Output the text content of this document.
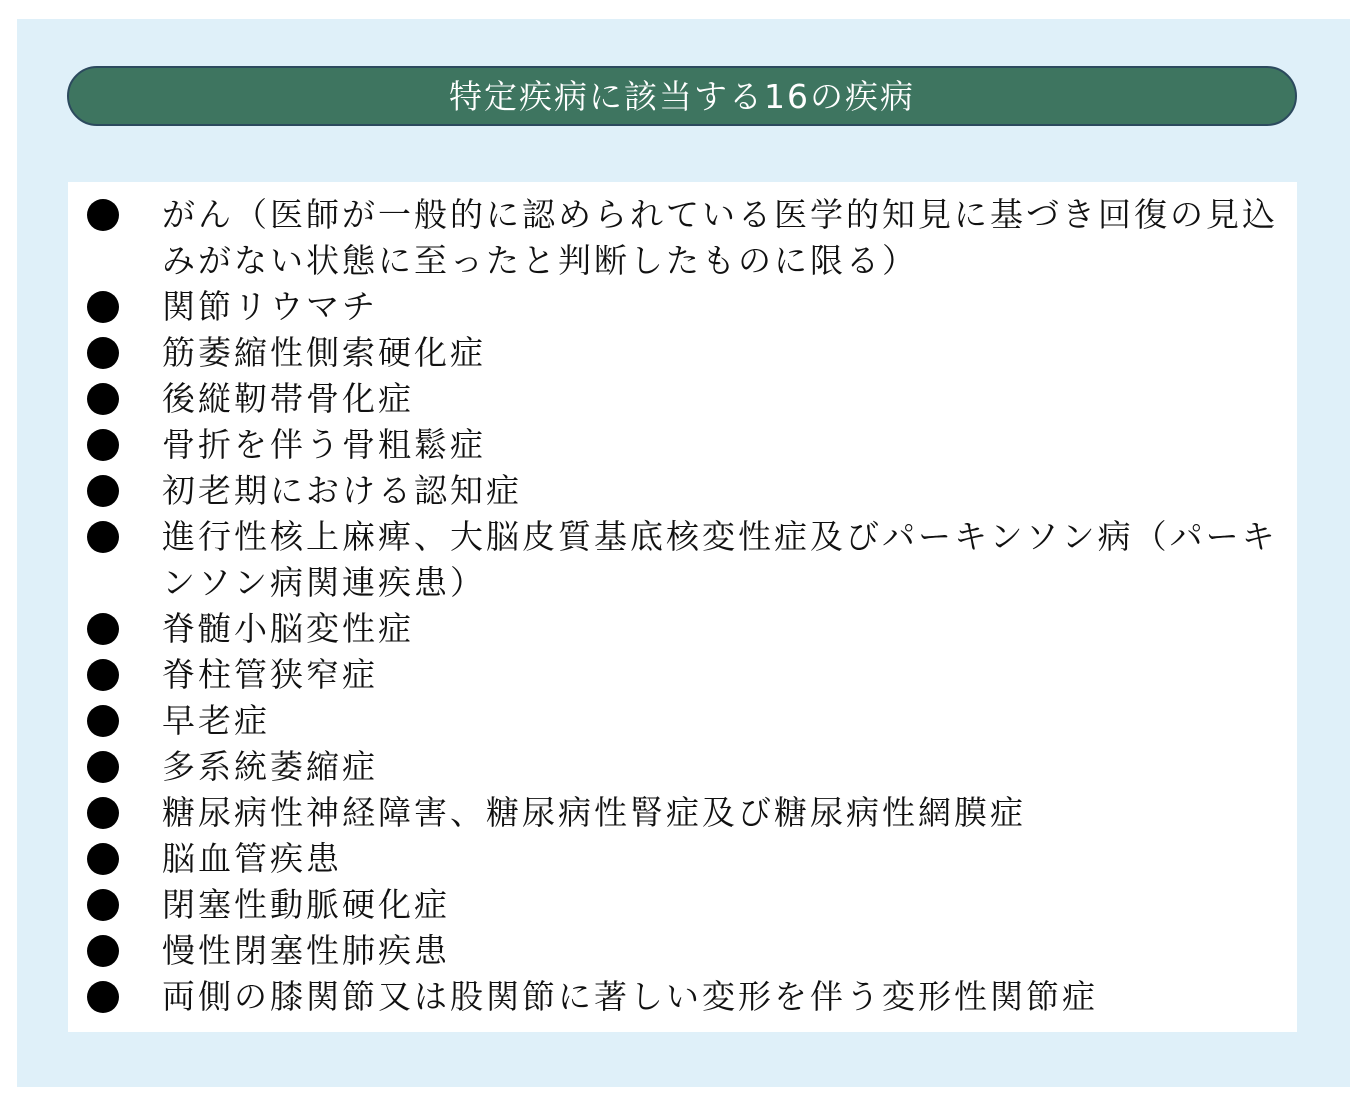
特定疾病に該当する16の疾病
がん（医師が一般的に認められている医学的知見に基づき回復の見込みがない状態に至ったと判断したものに限る）
関節リウマチ
筋萎縮性側索硬化症
後縦靭帯骨化症
骨折を伴う骨粗鬆症
初老期における認知症
進行性核上麻痺、大脳皮質基底核変性症及びパーキンソン病（パーキンソン病関連疾患）
脊髄小脳変性症
脊柱管狭窄症
早老症
多系統萎縮症
糖尿病性神経障害、糖尿病性腎症及び糖尿病性網膜症
脳血管疾患
閉塞性動脈硬化症
慢性閉塞性肺疾患
両側の膝関節又は股関節に著しい変形を伴う変形性関節症
